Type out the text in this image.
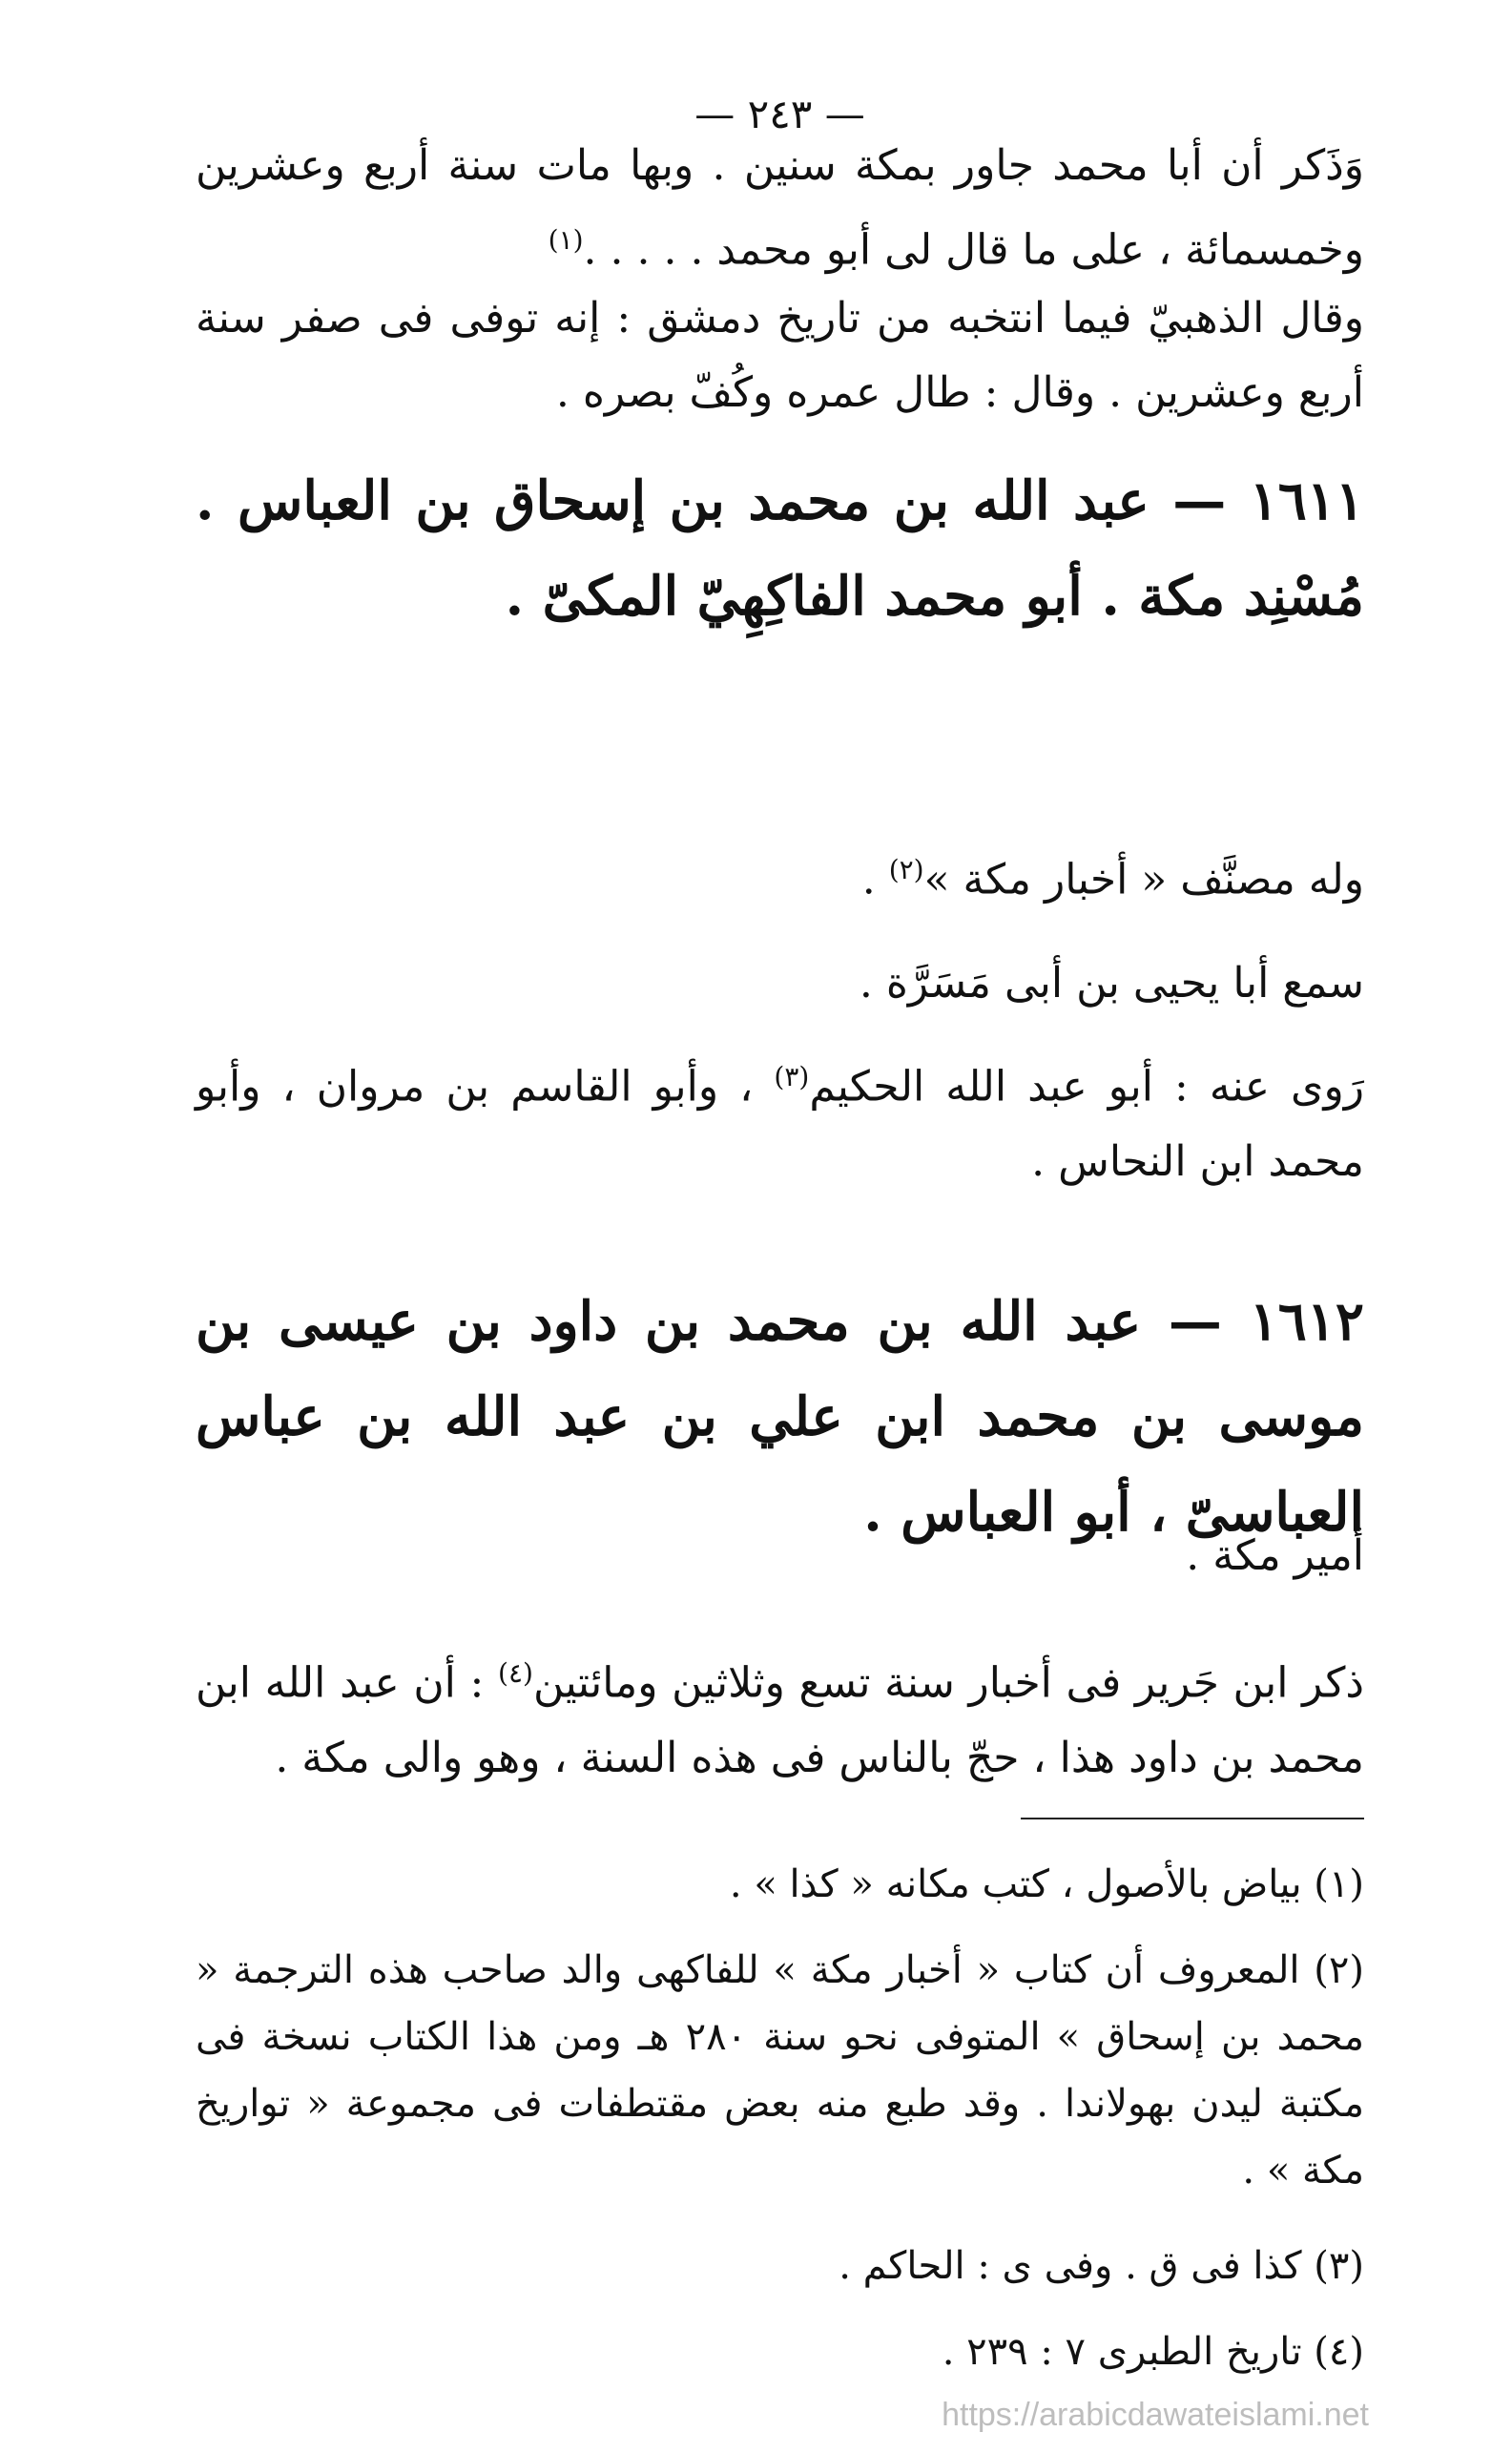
— ٢٤٣ —
وَذَكر أن أبا محمد جاور بمكة سنين . وبها مات سنة أربع وعشرين وخمسمائة ، على ما قال لى أبو محمد . . . . .$^{(١)}$
وقال الذهبيّ فيما انتخبه من تاريخ دمشق : إنه توفى فى صفر سنة أربع وعشرين . وقال : طال عمره وكُفّ بصره .
١٦١١ — عبد الله بن محمد بن إسحاق بن العباس . مُسْنِد مكة . أبو محمد الفاكِهِيّ المكىّ .
وله مصنَّف « أخبار مكة »$^{(٢)}$ .
سمع أبا يحيى بن أبى مَسَرَّة .
رَوى عنه : أبو عبد الله الحكيم$^{(٣)}$ ، وأبو القاسم بن مروان ، وأبو محمد ابن النحاس .
١٦١٢ — عبد الله بن محمد بن داود بن عيسى بن موسى بن محمد ابن علي بن عبد الله بن عباس العباسىّ ، أبو العباس .
أمير مكة .
ذكر ابن جَرير فى أخبار سنة تسع وثلاثين ومائتين$^{(٤)}$ : أن عبد الله ابن محمد بن داود هذا ، حجّ بالناس فى هذه السنة ، وهو والى مكة .
(١) بياض بالأصول ، كتب مكانه « كذا » .
(٢) المعروف أن كتاب « أخبار مكة » للفاكهى والد صاحب هذه الترجمة « محمد بن إسحاق » المتوفى نحو سنة ٢٨٠ هـ ومن هذا الكتاب نسخة فى مكتبة ليدن بهولاندا . وقد طبع منه بعض مقتطفات فى مجموعة « تواريخ مكة » .
(٣) كذا فى ق . وفى ى : الحاكم .
(٤) تاريخ الطبرى ٧ : ٢٣٩ .
https://arabicdawateislami.net
